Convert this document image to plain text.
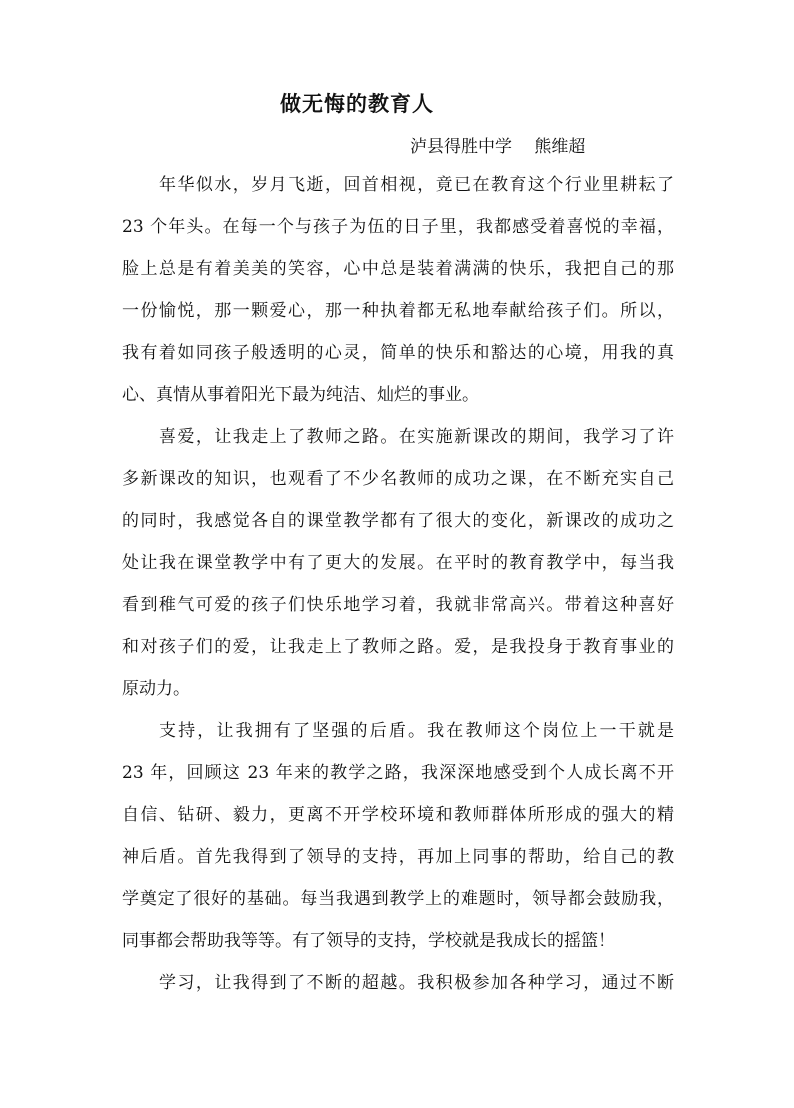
做无悔的教育人
泸县得胜中学　 熊维超
年华似水，岁月飞逝，回首相视，竟已在教育这个行业里耕耘了
23 个年头。在每一个与孩子为伍的日子里，我都感受着喜悦的幸福，
脸上总是有着美美的笑容，心中总是装着满满的快乐，我把自己的那
一份愉悦，那一颗爱心，那一种执着都无私地奉献给孩子们。所以，
我有着如同孩子般透明的心灵，简单的快乐和豁达的心境，用我的真
心、真情从事着阳光下最为纯洁、灿烂的事业。
喜爱，让我走上了教师之路。在实施新课改的期间，我学习了许
多新课改的知识，也观看了不少名教师的成功之课，在不断充实自己
的同时，我感觉各自的课堂教学都有了很大的变化，新课改的成功之
处让我在课堂教学中有了更大的发展。在平时的教育教学中，每当我
看到稚气可爱的孩子们快乐地学习着，我就非常高兴。带着这种喜好
和对孩子们的爱，让我走上了教师之路。爱，是我投身于教育事业的
原动力。
支持，让我拥有了坚强的后盾。我在教师这个岗位上一干就是
23 年，回顾这 23 年来的教学之路，我深深地感受到个人成长离不开
自信、钻研、毅力，更离不开学校环境和教师群体所形成的强大的精
神后盾。首先我得到了领导的支持，再加上同事的帮助，给自己的教
学奠定了很好的基础。每当我遇到教学上的难题时，领导都会鼓励我，
同事都会帮助我等等。有了领导的支持，学校就是我成长的摇篮！
学习，让我得到了不断的超越。我积极参加各种学习，通过不断
